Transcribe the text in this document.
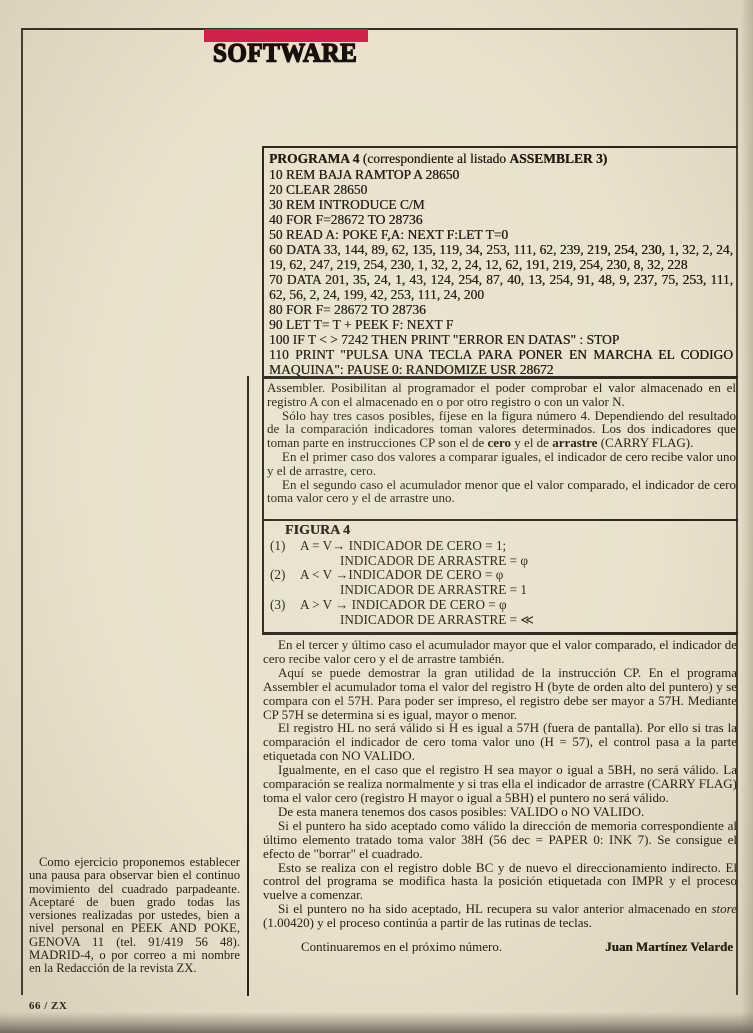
SOFTWARE
PROGRAMA 4 (correspondiente al listado ASSEMBLER 3)
10 REM BAJA RAMTOP A 28650
20 CLEAR 28650
30 REM INTRODUCE C/M
40 FOR F=28672 TO 28736
50 READ A: POKE F,A: NEXT F:LET T=0
60 DATA 33, 144, 89, 62, 135, 119, 34, 253, 111, 62, 239, 219, 254, 230, 1, 32, 2, 24, 19, 62, 247, 219, 254, 230, 1, 32, 2, 24, 12, 62, 191, 219, 254, 230, 8, 32, 228
70 DATA 201, 35, 24, 1, 43, 124, 254, 87, 40, 13, 254, 91, 48, 9, 237, 75, 253, 111, 62, 56, 2, 24, 199, 42, 253, 111, 24, 200
80 FOR F= 28672 TO 28736
90 LET T= T + PEEK F: NEXT F
100 IF T < > 7242 THEN PRINT "ERROR EN DATAS" : STOP
110 PRINT "PULSA UNA TECLA PARA PONER EN MARCHA EL CODIGO MAQUINA": PAUSE 0: RANDOMIZE USR 28672

Assembler. Posibilitan al programador el poder comprobar el valor almacenado en el registro A con el almacenado en o por otro registro o con un valor N.

Sólo hay tres casos posibles, fíjese en la figura número 4. Dependiendo del resultado de la comparación indicadores toman valores determinados. Los dos indicadores que toman parte en instrucciones CP son el de cero y el de arrastre (CARRY FLAG).

En el primer caso dos valores a comparar iguales, el indicador de cero recibe valor uno y el de arrastre, cero.

En el segundo caso el acumulador menor que el valor comparado, el indicador de cero toma valor cero y el de arrastre uno.

FIGURA 4

(1)	A = V→ INDICADOR DE CERO = 1;
INDICADOR DE ARRASTRE = φ
(2)	A < V →INDICADOR DE CERO = φ
INDICADOR DE ARRASTRE = 1
(3)	A > V → INDICADOR DE CERO = φ
INDICADOR DE ARRASTRE = ≪

En el tercer y último caso el acumulador mayor que el valor comparado, el indicador de cero recibe valor cero y el de arrastre también.

Aquí se puede demostrar la gran utilidad de la instrucción CP. En el programa Assembler el acumulador toma el valor del registro H (byte de orden alto del puntero) y se compara con el 57H. Para poder ser impreso, el registro debe ser mayor a 57H. Mediante CP 57H se determina si es igual, mayor o menor.

El registro HL no será válido si H es igual a 57H (fuera de pantalla). Por ello si tras la comparación el indicador de cero toma valor uno (H = 57), el control pasa a la parte etiquetada con NO VALIDO.

Igualmente, en el caso que el registro H sea mayor o igual a 5BH, no será válido. La comparación se realiza normalmente y si tras ella el indicador de arrastre (CARRY FLAG) toma el valor cero (registro H mayor o igual a 5BH) el puntero no será válido.

De esta manera tenemos dos casos posibles: VALIDO o NO VALIDO.

Si el puntero ha sido aceptado como válido la dirección de memoria correspondiente al último elemento tratado toma valor 38H (56 dec = PAPER 0: INK 7). Se consigue el efecto de "borrar" el cuadrado.

Esto se realiza con el registro doble BC y de nuevo el direccionamiento indirecto. El control del programa se modifica hasta la posición etiquetada con IMPR y el proceso vuelve a comenzar.

Si el puntero no ha sido aceptado, HL recupera su valor anterior almacenado en store (1.00420) y el proceso continúa a partir de las rutinas de teclas.

Continuaremos en el próximo número.	Juan Martínez Velarde
Como ejercicio proponemos establecer una pausa para observar bien el continuo movimiento del cuadrado parpadeante. Aceptaré de buen grado todas las versiones realizadas por ustedes, bien a nivel personal en PEEK AND POKE, GENOVA 11 (tel. 91/419 56 48). MADRID-4, o por correo a mi nombre en la Redacción de la revista ZX.
66 / ZX
